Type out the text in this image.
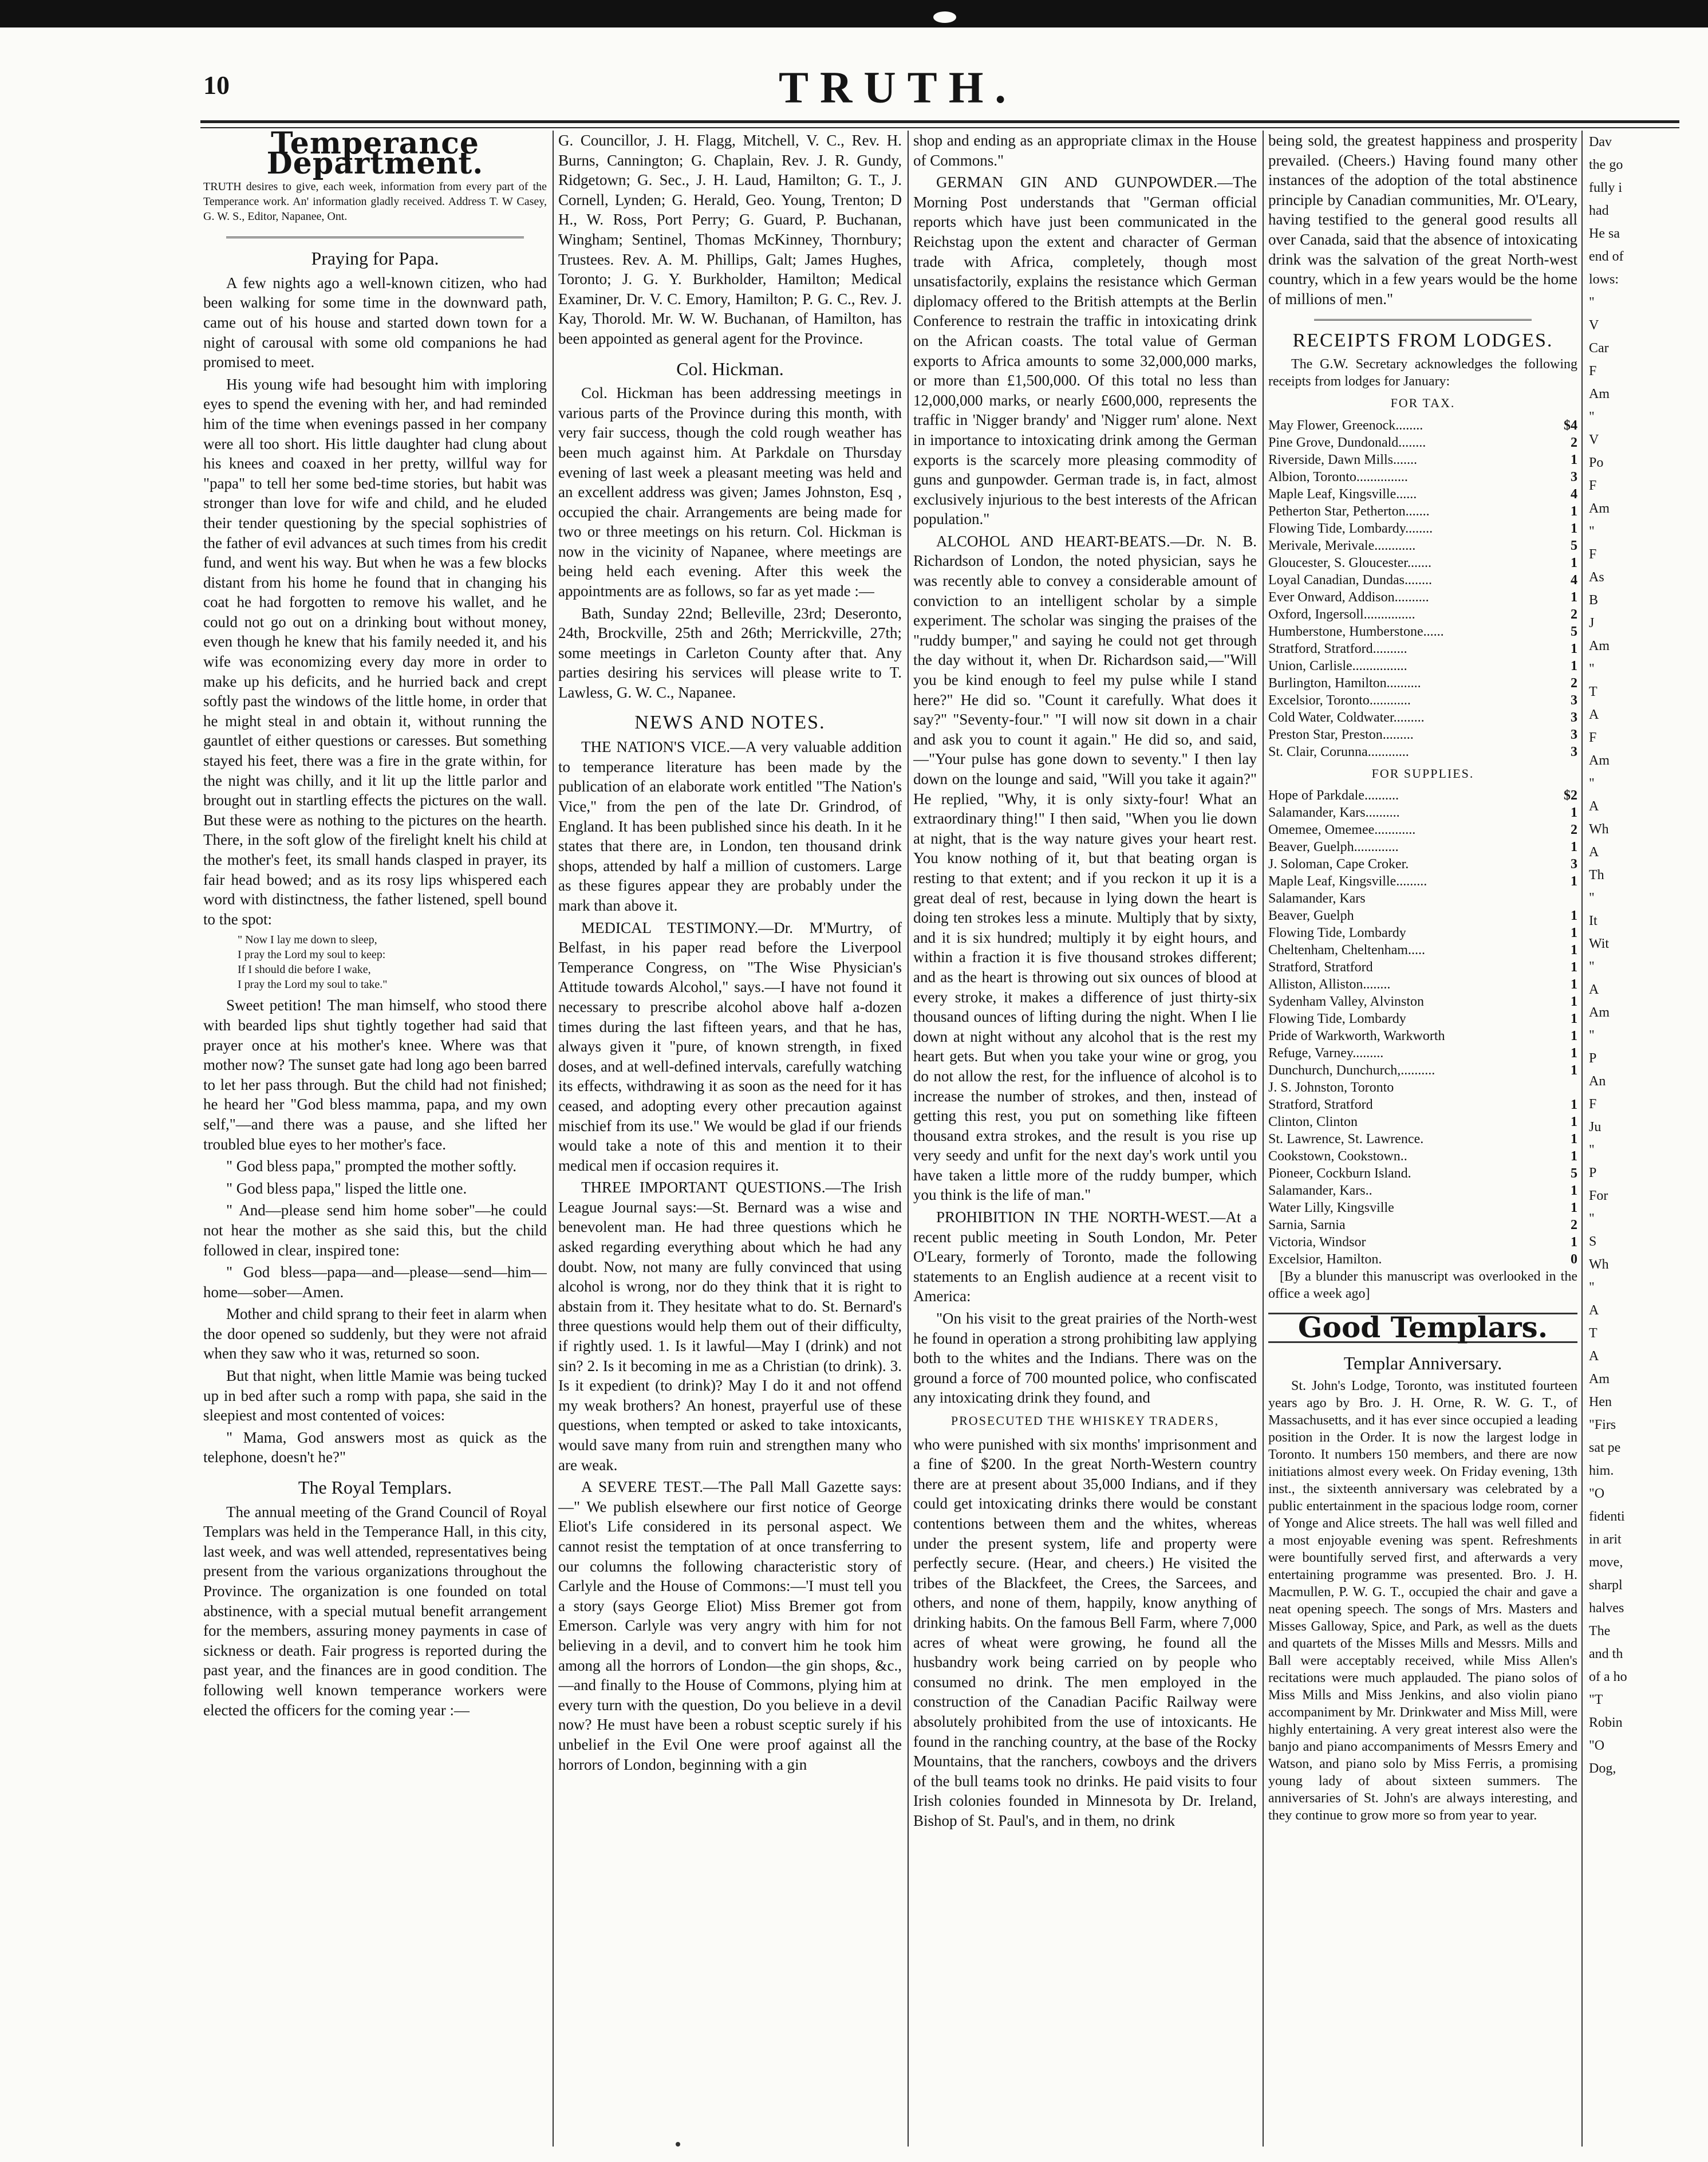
10	TRUTH.
Temperance Department.
TRUTH desires to give, each week, information from every part of the Temperance work. An' information gladly received. Address T. W Casey, G. W. S., Editor, Napanee, Ont.
Praying for Papa.

A few nights ago a well-known citizen, who had been walking for some time in the downward path, came out of his house and started down town for a night of carousal with some old companions he had promised to meet.

His young wife had besought him with imploring eyes to spend the evening with her, and had reminded him of the time when evenings passed in her company were all too short. His little daughter had clung about his knees and coaxed in her pretty, willful way for "papa" to tell her some bed-time stories, but habit was stronger than love for wife and child, and he eluded their tender questioning by the special sophistries of the father of evil advances at such times from his credit fund, and went his way. But when he was a few blocks distant from his home he found that in changing his coat he had forgotten to remove his wallet, and he could not go out on a drinking bout without money, even though he knew that his family needed it, and his wife was economizing every day more in order to make up his deficits, and he hurried back and crept softly past the windows of the little home, in order that he might steal in and obtain it, without running the gauntlet of either questions or caresses. But something stayed his feet, there was a fire in the grate within, for the night was chilly, and it lit up the little parlor and brought out in startling effects the pictures on the wall. But these were as nothing to the pictures on the hearth. There, in the soft glow of the firelight knelt his child at the mother's feet, its small hands clasped in prayer, its fair head bowed; and as its rosy lips whispered each word with distinctness, the father listened, spell bound to the spot:

" Now I lay me down to sleep,
I pray the Lord my soul to keep:
If I should die before I wake,
I pray the Lord my soul to take."

Sweet petition! The man himself, who stood there with bearded lips shut tightly together had said that prayer once at his mother's knee. Where was that mother now? The sunset gate had long ago been barred to let her pass through. But the child had not finished; he heard her "God bless mamma, papa, and my own self,"—and there was a pause, and she lifted her troubled blue eyes to her mother's face.

" God bless papa," prompted the mother softly.

" God bless papa," lisped the little one.

" And—please send him home sober"—he could not hear the mother as she said this, but the child followed in clear, inspired tone:

" God bless—papa—and—please—send—him—home—sober—Amen.

Mother and child sprang to their feet in alarm when the door opened so suddenly, but they were not afraid when they saw who it was, returned so soon.

But that night, when little Mamie was being tucked up in bed after such a romp with papa, she said in the sleepiest and most contented of voices:

" Mama, God answers most as quick as the telephone, doesn't he?"

The Royal Templars.

The annual meeting of the Grand Council of Royal Templars was held in the Temperance Hall, in this city, last week, and was well attended, representatives being present from the various organizations throughout the Province. The organization is one founded on total abstinence, with a special mutual benefit arrangement for the members, assuring money payments in case of sickness or death. Fair progress is reported during the past year, and the finances are in good condition. The following well known temperance workers were elected the officers for the coming year :—

G. Councillor, J. H. Flagg, Mitchell, V. C., Rev. H. Burns, Cannington; G. Chaplain, Rev. J. R. Gundy, Ridgetown; G. Sec., J. H. Laud, Hamilton; G. T., J. Cornell, Lynden; G. Herald, Geo. Young, Trenton; D H., W. Ross, Port Perry; G. Guard, P. Buchanan, Wingham; Sentinel, Thomas McKinney, Thornbury; Trustees. Rev. A. M. Phillips, Galt; James Hughes, Toronto; J. G. Y. Burkholder, Hamilton; Medical Examiner, Dr. V. C. Emory, Hamilton; P. G. C., Rev. J. Kay, Thorold. Mr. W. W. Buchanan, of Hamilton, has been appointed as general agent for the Province.

Col. Hickman.

Col. Hickman has been addressing meetings in various parts of the Province during this month, with very fair success, though the cold rough weather has been much against him. At Parkdale on Thursday evening of last week a pleasant meeting was held and an excellent address was given; James Johnston, Esq , occupied the chair. Arrangements are being made for two or three meetings on his return. Col. Hickman is now in the vicinity of Napanee, where meetings are being held each evening. After this week the appointments are as follows, so far as yet made :—

Bath, Sunday 22nd; Belleville, 23rd; Deseronto, 24th, Brockville, 25th and 26th; Merrickville, 27th; some meetings in Carleton County after that. Any parties desiring his services will please write to T. Lawless, G. W. C., Napanee.

NEWS AND NOTES.

THE NATION'S VICE.—A very valuable addition to temperance literature has been made by the publication of an elaborate work entitled "The Nation's Vice," from the pen of the late Dr. Grindrod, of England. It has been published since his death. In it he states that there are, in London, ten thousand drink shops, attended by half a million of customers. Large as these figures appear they are probably under the mark than above it.

MEDICAL TESTIMONY.—Dr. M'Murtry, of Belfast, in his paper read before the Liverpool Temperance Congress, on "The Wise Physician's Attitude towards Alcohol," says.—I have not found it necessary to prescribe alcohol above half a-dozen times during the last fifteen years, and that he has, always given it "pure, of known strength, in fixed doses, and at well-defined intervals, carefully watching its effects, withdrawing it as soon as the need for it has ceased, and adopting every other precaution against mischief from its use." We would be glad if our friends would take a note of this and mention it to their medical men if occasion requires it.

THREE IMPORTANT QUESTIONS.—The Irish League Journal says:—St. Bernard was a wise and benevolent man. He had three questions which he asked regarding everything about which he had any doubt. Now, not many are fully convinced that using alcohol is wrong, nor do they think that it is right to abstain from it. They hesitate what to do. St. Bernard's three questions would help them out of their difficulty, if rightly used. 1. Is it lawful—May I (drink) and not sin? 2. Is it becoming in me as a Christian (to drink). 3. Is it expedient (to drink)? May I do it and not offend my weak brothers? An honest, prayerful use of these questions, when tempted or asked to take intoxicants, would save many from ruin and strengthen many who are weak.

A SEVERE TEST.—The Pall Mall Gazette says:—" We publish elsewhere our first notice of George Eliot's Life considered in its personal aspect. We cannot resist the temptation of at once transferring to our columns the following characteristic story of Carlyle and the House of Commons:—'I must tell you a story (says George Eliot) Miss Bremer got from Emerson. Carlyle was very angry with him for not believing in a devil, and to convert him he took him among all the horrors of London—the gin shops, &c.,—and finally to the House of Commons, plying him at every turn with the question, Do you believe in a devil now? He must have been a robust sceptic surely if his unbelief in the Evil One were proof against all the horrors of London, beginning with a gin

shop and ending as an appropriate climax in the House of Commons."

GERMAN GIN AND GUNPOWDER.—The Morning Post understands that "German official reports which have just been communicated in the Reichstag upon the extent and character of German trade with Africa, completely, though most unsatisfactorily, explains the resistance which German diplomacy offered to the British attempts at the Berlin Conference to restrain the traffic in intoxicating drink on the African coasts. The total value of German exports to Africa amounts to some 32,000,000 marks, or more than £1,500,000. Of this total no less than 12,000,000 marks, or nearly £600,000, represents the traffic in 'Nigger brandy' and 'Nigger rum' alone. Next in importance to intoxicating drink among the German exports is the scarcely more pleasing commodity of guns and gunpowder. German trade is, in fact, almost exclusively injurious to the best interests of the African population."

ALCOHOL AND HEART-BEATS.—Dr. N. B. Richardson of London, the noted physician, says he was recently able to convey a considerable amount of conviction to an intelligent scholar by a simple experiment. The scholar was singing the praises of the "ruddy bumper," and saying he could not get through the day without it, when Dr. Richardson said,—"Will you be kind enough to feel my pulse while I stand here?" He did so. "Count it carefully. What does it say?" "Seventy-four." "I will now sit down in a chair and ask you to count it again." He did so, and said,—"Your pulse has gone down to seventy." I then lay down on the lounge and said, "Will you take it again?" He replied, "Why, it is only sixty-four! What an extraordinary thing!" I then said, "When you lie down at night, that is the way nature gives your heart rest. You know nothing of it, but that beating organ is resting to that extent; and if you reckon it up it is a great deal of rest, because in lying down the heart is doing ten strokes less a minute. Multiply that by sixty, and it is six hundred; multiply it by eight hours, and within a fraction it is five thousand strokes different; and as the heart is throwing out six ounces of blood at every stroke, it makes a difference of just thirty-six thousand ounces of lifting during the night. When I lie down at night without any alcohol that is the rest my heart gets. But when you take your wine or grog, you do not allow the rest, for the influence of alcohol is to increase the number of strokes, and then, instead of getting this rest, you put on something like fifteen thousand extra strokes, and the result is you rise up very seedy and unfit for the next day's work until you have taken a little more of the ruddy bumper, which you think is the life of man."

PROHIBITION IN THE NORTH-WEST.—At a recent public meeting in South London, Mr. Peter O'Leary, formerly of Toronto, made the following statements to an English audience at a recent visit to America:

"On his visit to the great prairies of the North-west he found in operation a strong prohibiting law applying both to the whites and the Indians. There was on the ground a force of 700 mounted police, who confiscated any intoxicating drink they found, and

PROSECUTED THE WHISKEY TRADERS,

who were punished with six months' imprisonment and a fine of $200. In the great North-Western country there are at present about 35,000 Indians, and if they could get intoxicating drinks there would be constant contentions between them and the whites, whereas under the present system, life and property were perfectly secure. (Hear, and cheers.) He visited the tribes of the Blackfeet, the Crees, the Sarcees, and others, and none of them, happily, know anything of drinking habits. On the famous Bell Farm, where 7,000 acres of wheat were growing, he found all the husbandry work being carried on by people who consumed no drink. The men employed in the construction of the Canadian Pacific Railway were absolutely prohibited from the use of intoxicants. He found in the ranching country, at the base of the Rocky Mountains, that the ranchers, cowboys and the drivers of the bull teams took no drinks. He paid visits to four Irish colonies founded in Minnesota by Dr. Ireland, Bishop of St. Paul's, and in them, no drink

being sold, the greatest happiness and prosperity prevailed. (Cheers.) Having found many other instances of the adoption of the total abstinence principle by Canadian communities, Mr. O'Leary, having testified to the general good results all over Canada, said that the absence of intoxicating drink was the salvation of the great North-west country, which in a few years would be the home of millions of men."

RECEIPTS FROM LODGES.

The G.W. Secretary acknowledges the following receipts from lodges for January:

FOR TAX.
May Flower, Greenock........	$4
Pine Grove, Dundonald........	2
Riverside, Dawn Mills.......	1
Albion, Toronto...............	3
Maple Leaf, Kingsville......	4
Petherton Star, Petherton.......	1
Flowing Tide, Lombardy........	1
Merivale, Merivale............	5
Gloucester, S. Gloucester.......	1
Loyal Canadian, Dundas........	4
Ever Onward, Addison..........	1
Oxford, Ingersoll...............	2
Humberstone, Humberstone......	5
Stratford, Stratford..........	1
Union, Carlisle................	1
Burlington, Hamilton..........	2
Excelsior, Toronto............	3
Cold Water, Coldwater.........	3
Preston Star, Preston.........	3
St. Clair, Corunna............	3
FOR SUPPLIES.
Hope of Parkdale..........	$2
Salamander, Kars..........	1
Omemee, Omemee............	2
Beaver, Guelph.............	1
J. Soloman, Cape Croker.	3
Maple Leaf, Kingsville.........	1
Salamander, Kars
Beaver, Guelph	1
Flowing Tide, Lombardy	1
Cheltenham, Cheltenham.....	1
Stratford, Stratford	1
Alliston, Alliston........	1
Sydenham Valley, Alvinston	1
Flowing Tide, Lombardy	1
Pride of Warkworth, Warkworth	1
Refuge, Varney.........	1
Dunchurch, Dunchurch,..........	1
J. S. Johnston, Toronto
Stratford, Stratford	1
Clinton, Clinton	1
St. Lawrence, St. Lawrence.	1
Cookstown, Cookstown..	1
Pioneer, Cockburn Island.	5
Salamander, Kars..	1
Water Lilly, Kingsville	1
Sarnia, Sarnia	2
Victoria, Windsor	1
Excelsior, Hamilton.	0

[By a blunder this manuscript was overlooked in the office a week ago]

Good Templars.
Templar Anniversary.

St. John's Lodge, Toronto, was instituted fourteen years ago by Bro. J. H. Orne, R. W. G. T., of Massachusetts, and it has ever since occupied a leading position in the Order. It is now the largest lodge in Toronto. It numbers 150 members, and there are now initiations almost every week. On Friday evening, 13th inst., the sixteenth anniversary was celebrated by a public entertainment in the spacious lodge room, corner of Yonge and Alice streets. The hall was well filled and a most enjoyable evening was spent. Refreshments were bountifully served first, and afterwards a very entertaining programme was presented. Bro. J. H. Macmullen, P. W. G. T., occupied the chair and gave a neat opening speech. The songs of Mrs. Masters and Misses Galloway, Spice, and Park, as well as the duets and quartets of the Misses Mills and Messrs. Mills and Ball were acceptably received, while Miss Allen's recitations were much applauded. The piano solos of Miss Mills and Miss Jenkins, and also violin piano accompaniment by Mr. Drinkwater and Miss Mill, were highly entertaining. A very great interest also were the banjo and piano accompaniments of Messrs Emery and Watson, and piano solo by Miss Ferris, a promising young lady of about sixteen summers. The anniversaries of St. John's are always interesting, and they continue to grow more so from year to year.

Dav
the go
fully i
had
He sa
end of
lows:
"
V
Car
F
Am
"
V
Po
F
Am
"
F
As
B
J
Am
"
T
A
F
Am
"
A
Wh
A
Th
"
It
Wit
"
A
Am
"
P
An
F
Ju
"
P
For
"
S
Wh
"
A
T
A
Am
Hen
"Firs
sat pe
him.
"O
fidenti
in arit
move,
sharpl
halves
The
and th
of a ho
"T
Robin
"O
Dog,
